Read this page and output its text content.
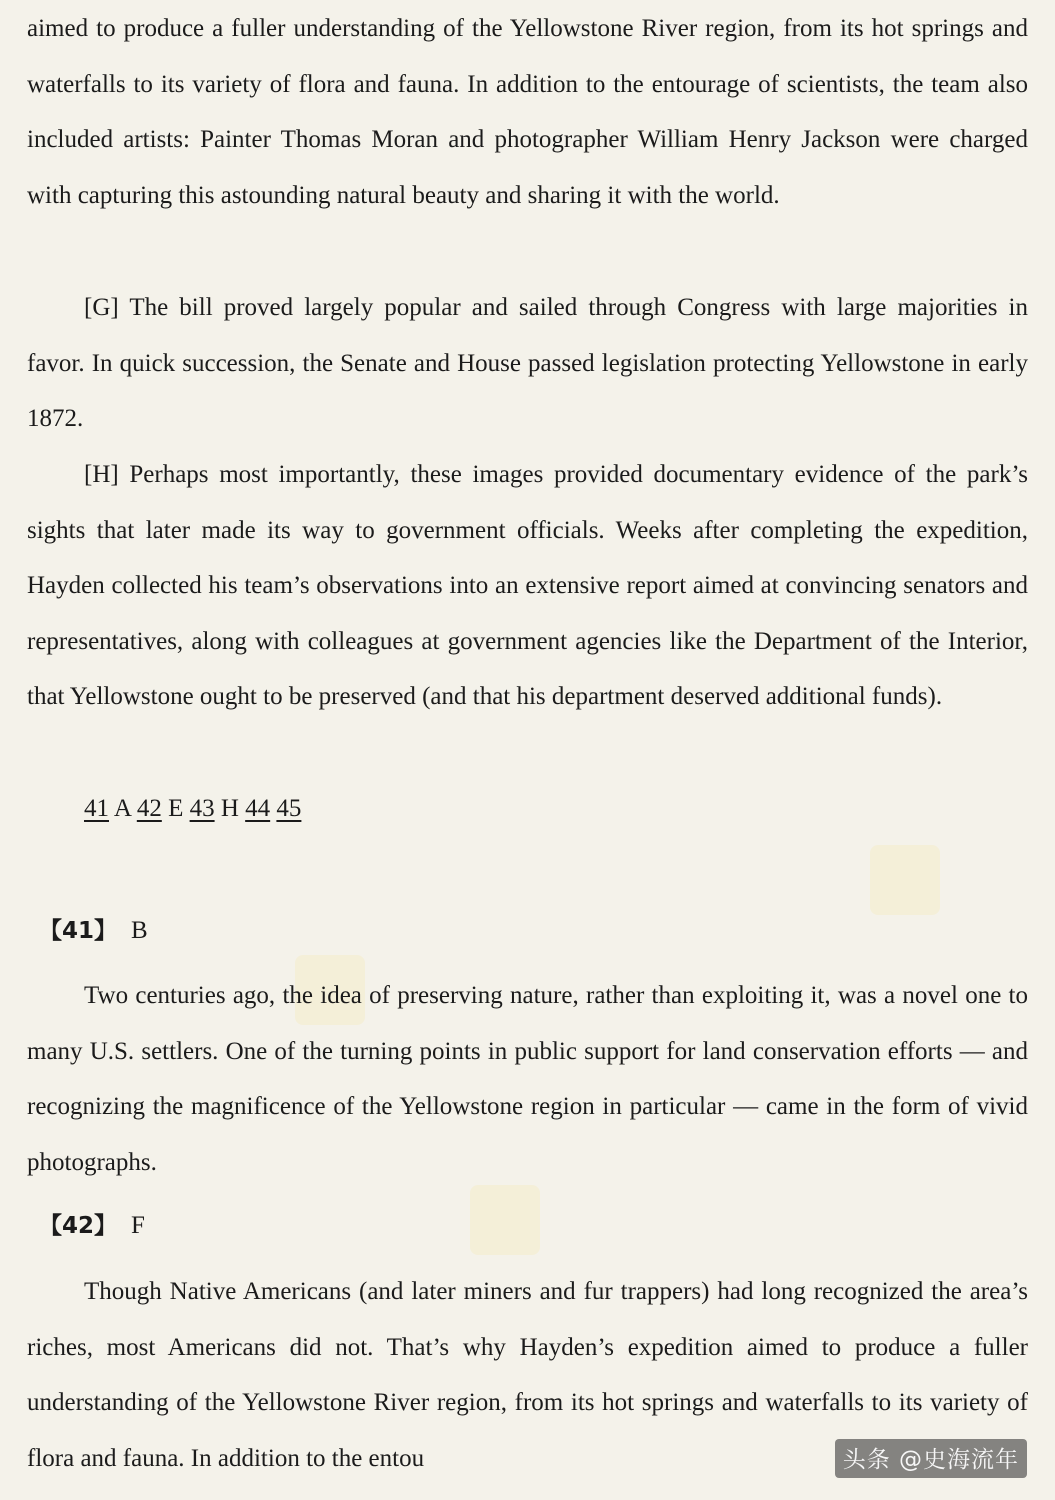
aimed to produce a fuller understanding of the Yellowstone River region, from its hot springs and waterfalls to its variety of flora and fauna. In addition to the entourage of scientists, the team also included artists: Painter Thomas Moran and photographer William Henry Jackson were charged with capturing this astounding natural beauty and sharing it with the world.

[G] The bill proved largely popular and sailed through Congress with large majorities in favor. In quick succession, the Senate and House passed legislation protecting Yellowstone in early 1872.

[H] Perhaps most importantly, these images provided documentary evidence of the park’s sights that later made its way to government officials. Weeks after completing the expedition, Hayden collected his team’s observations into an extensive report aimed at convincing senators and representatives, along with colleagues at government agencies like the Department of the Interior, that Yellowstone ought to be preserved (and that his department deserved additional funds).

41 A 42 E 43 H 44 45

【41】 B

Two centuries ago, the idea of preserving nature, rather than exploiting it, was a novel one to many U.S. settlers. One of the turning points in public support for land conservation efforts — and recognizing the magnificence of the Yellowstone region in particular — came in the form of vivid photographs.

【42】 F

Though Native Americans (and later miners and fur trappers) had long recognized the area’s riches, most Americans did not. That’s why Hayden’s expedition aimed to produce a fuller understanding of the Yellowstone River region, from its hot springs and waterfalls to its variety of flora and fauna. In addition to the entou	头条 @史海流年
